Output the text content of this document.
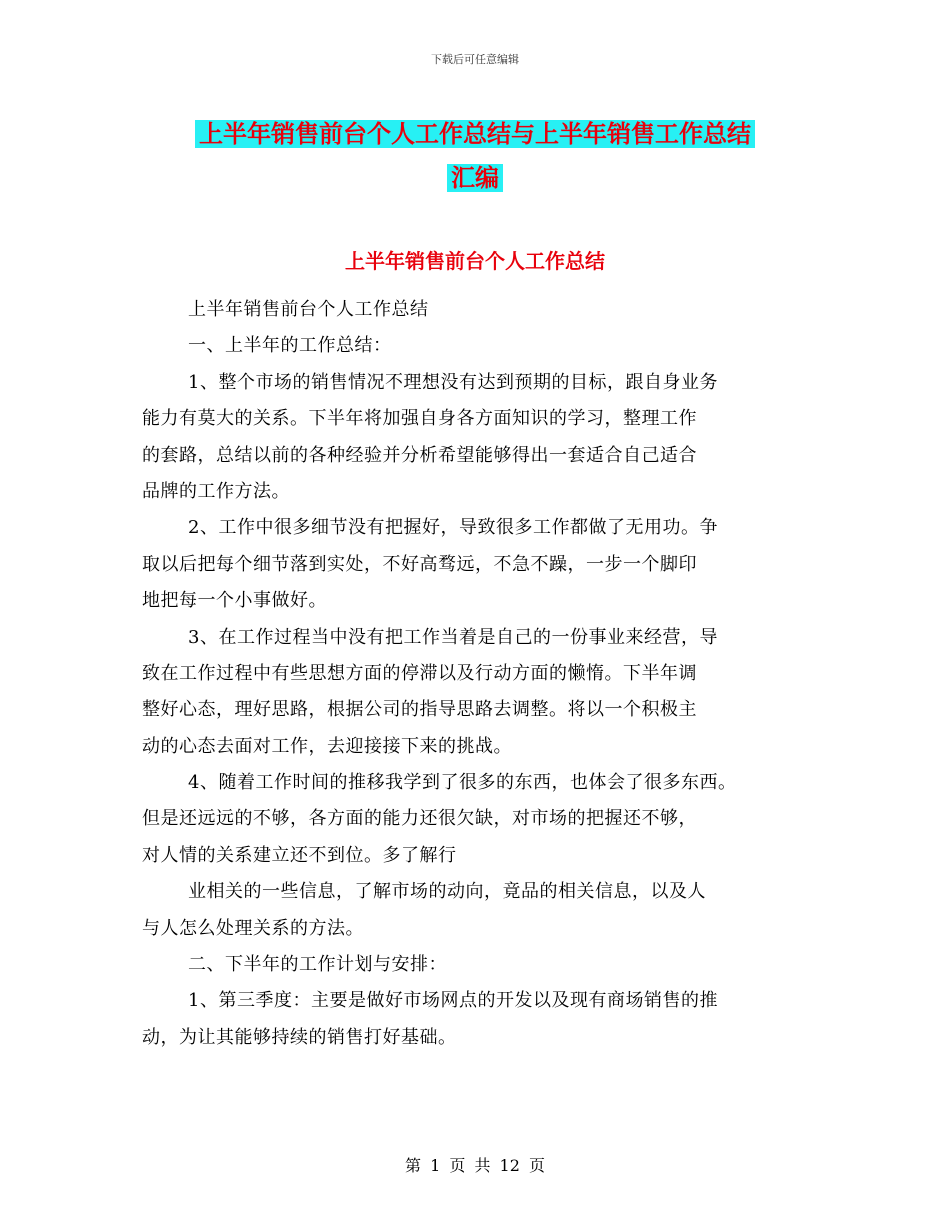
下载后可任意编辑
上半年销售前台个人工作总结与上半年销售工作总结
汇编
上半年销售前台个人工作总结
上半年销售前台个人工作总结
一、上半年的工作总结：
1、整个市场的销售情况不理想没有达到预期的目标，跟自身业务
能力有莫大的关系。下半年将加强自身各方面知识的学习，整理工作
的套路，总结以前的各种经验并分析希望能够得出一套适合自己适合
品牌的工作方法。
2、工作中很多细节没有把握好，导致很多工作都做了无用功。争
取以后把每个细节落到实处，不好高骛远，不急不躁，一步一个脚印
地把每一个小事做好。
3、在工作过程当中没有把工作当着是自己的一份事业来经营，导
致在工作过程中有些思想方面的停滞以及行动方面的懒惰。下半年调
整好心态，理好思路，根据公司的指导思路去调整。将以一个积极主
动的心态去面对工作，去迎接接下来的挑战。
4、随着工作时间的推移我学到了很多的东西，也体会了很多东西。
但是还远远的不够，各方面的能力还很欠缺，对市场的把握还不够，
对人情的关系建立还不到位。多了解行
业相关的一些信息，了解市场的动向，竟品的相关信息，以及人
与人怎么处理关系的方法。
二、下半年的工作计划与安排：
1、第三季度：主要是做好市场网点的开发以及现有商场销售的推
动，为让其能够持续的销售打好基础。
第 1 页 共 12 页
